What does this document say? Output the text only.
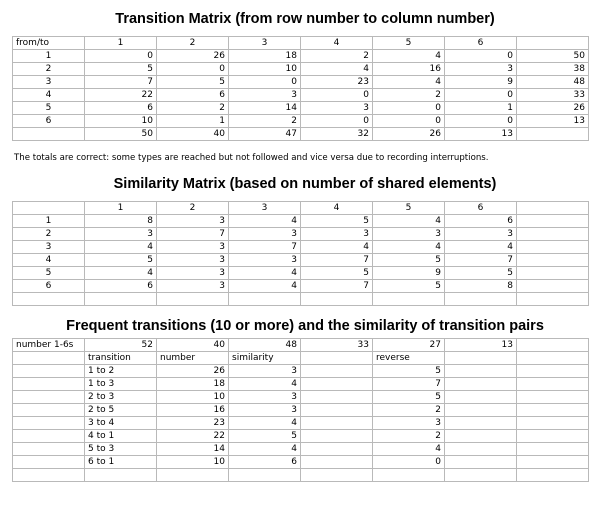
Transition Matrix (from row number to column number)
from/to	1	2	3	4	5	6	
1	0	26	18	2	4	0	50
2	5	0	10	4	16	3	38
3	7	5	0	23	4	9	48
4	22	6	3	0	2	0	33
5	6	2	14	3	0	1	26
6	10	1	2	0	0	0	13
	50	40	47	32	26	13	
The totals are correct: some types are reached but not followed and vice versa due to recording interruptions.
Similarity Matrix (based on number of shared elements)
	1	2	3	4	5	6	
1	8	3	4	5	4	6	
2	3	7	3	3	3	3	
3	4	3	7	4	4	4	
4	5	3	3	7	5	7	
5	4	3	4	5	9	5	
6	6	3	4	7	5	8	

Frequent transitions (10 or more) and the similarity of transition pairs
number 1-6s	52	40	48	33	27	13	
	transition	number	similarity		reverse		
	1 to 2	26	3		5		
	1 to 3	18	4		7		
	2 to 3	10	3		5		
	2 to 5	16	3		2		
	3 to 4	23	4		3		
	4 to 1	22	5		2		
	5 to 3	14	4		4		
	6 to 1	10	6		0		
